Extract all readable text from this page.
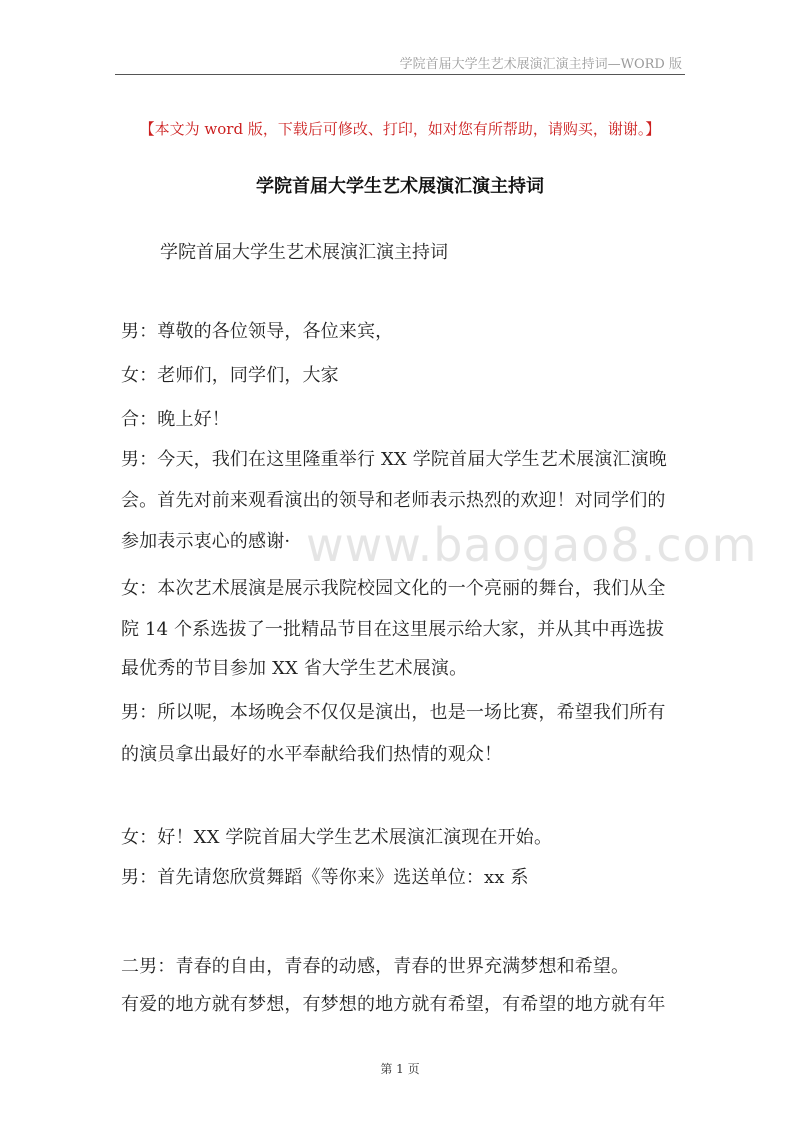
学院首届大学生艺术展演汇演主持词—WORD 版
【本文为 word 版，下载后可修改、打印，如对您有所帮助，请购买，谢谢。】
学院首届大学生艺术展演汇演主持词
学院首届大学生艺术展演汇演主持词
男：尊敬的各位领导，各位来宾，
女：老师们，同学们，大家
合：晚上好！
男：今天，我们在这里隆重举行 XX 学院首届大学生艺术展演汇演晚
会。首先对前来观看演出的领导和老师表示热烈的欢迎！对同学们的
参加表示衷心的感谢·
女：本次艺术展演是展示我院校园文化的一个亮丽的舞台，我们从全
院 14 个系选拔了一批精品节目在这里展示给大家，并从其中再选拔
最优秀的节目参加 XX 省大学生艺术展演。
男：所以呢，本场晚会不仅仅是演出，也是一场比赛，希望我们所有
的演员拿出最好的水平奉献给我们热情的观众！
女：好！XX 学院首届大学生艺术展演汇演现在开始。
男：首先请您欣赏舞蹈《等你来》选送单位：xx 系
二男：青春的自由，青春的动感，青春的世界充满梦想和希望。
有爱的地方就有梦想，有梦想的地方就有希望，有希望的地方就有年
www.baogao8.com
第 1 页
